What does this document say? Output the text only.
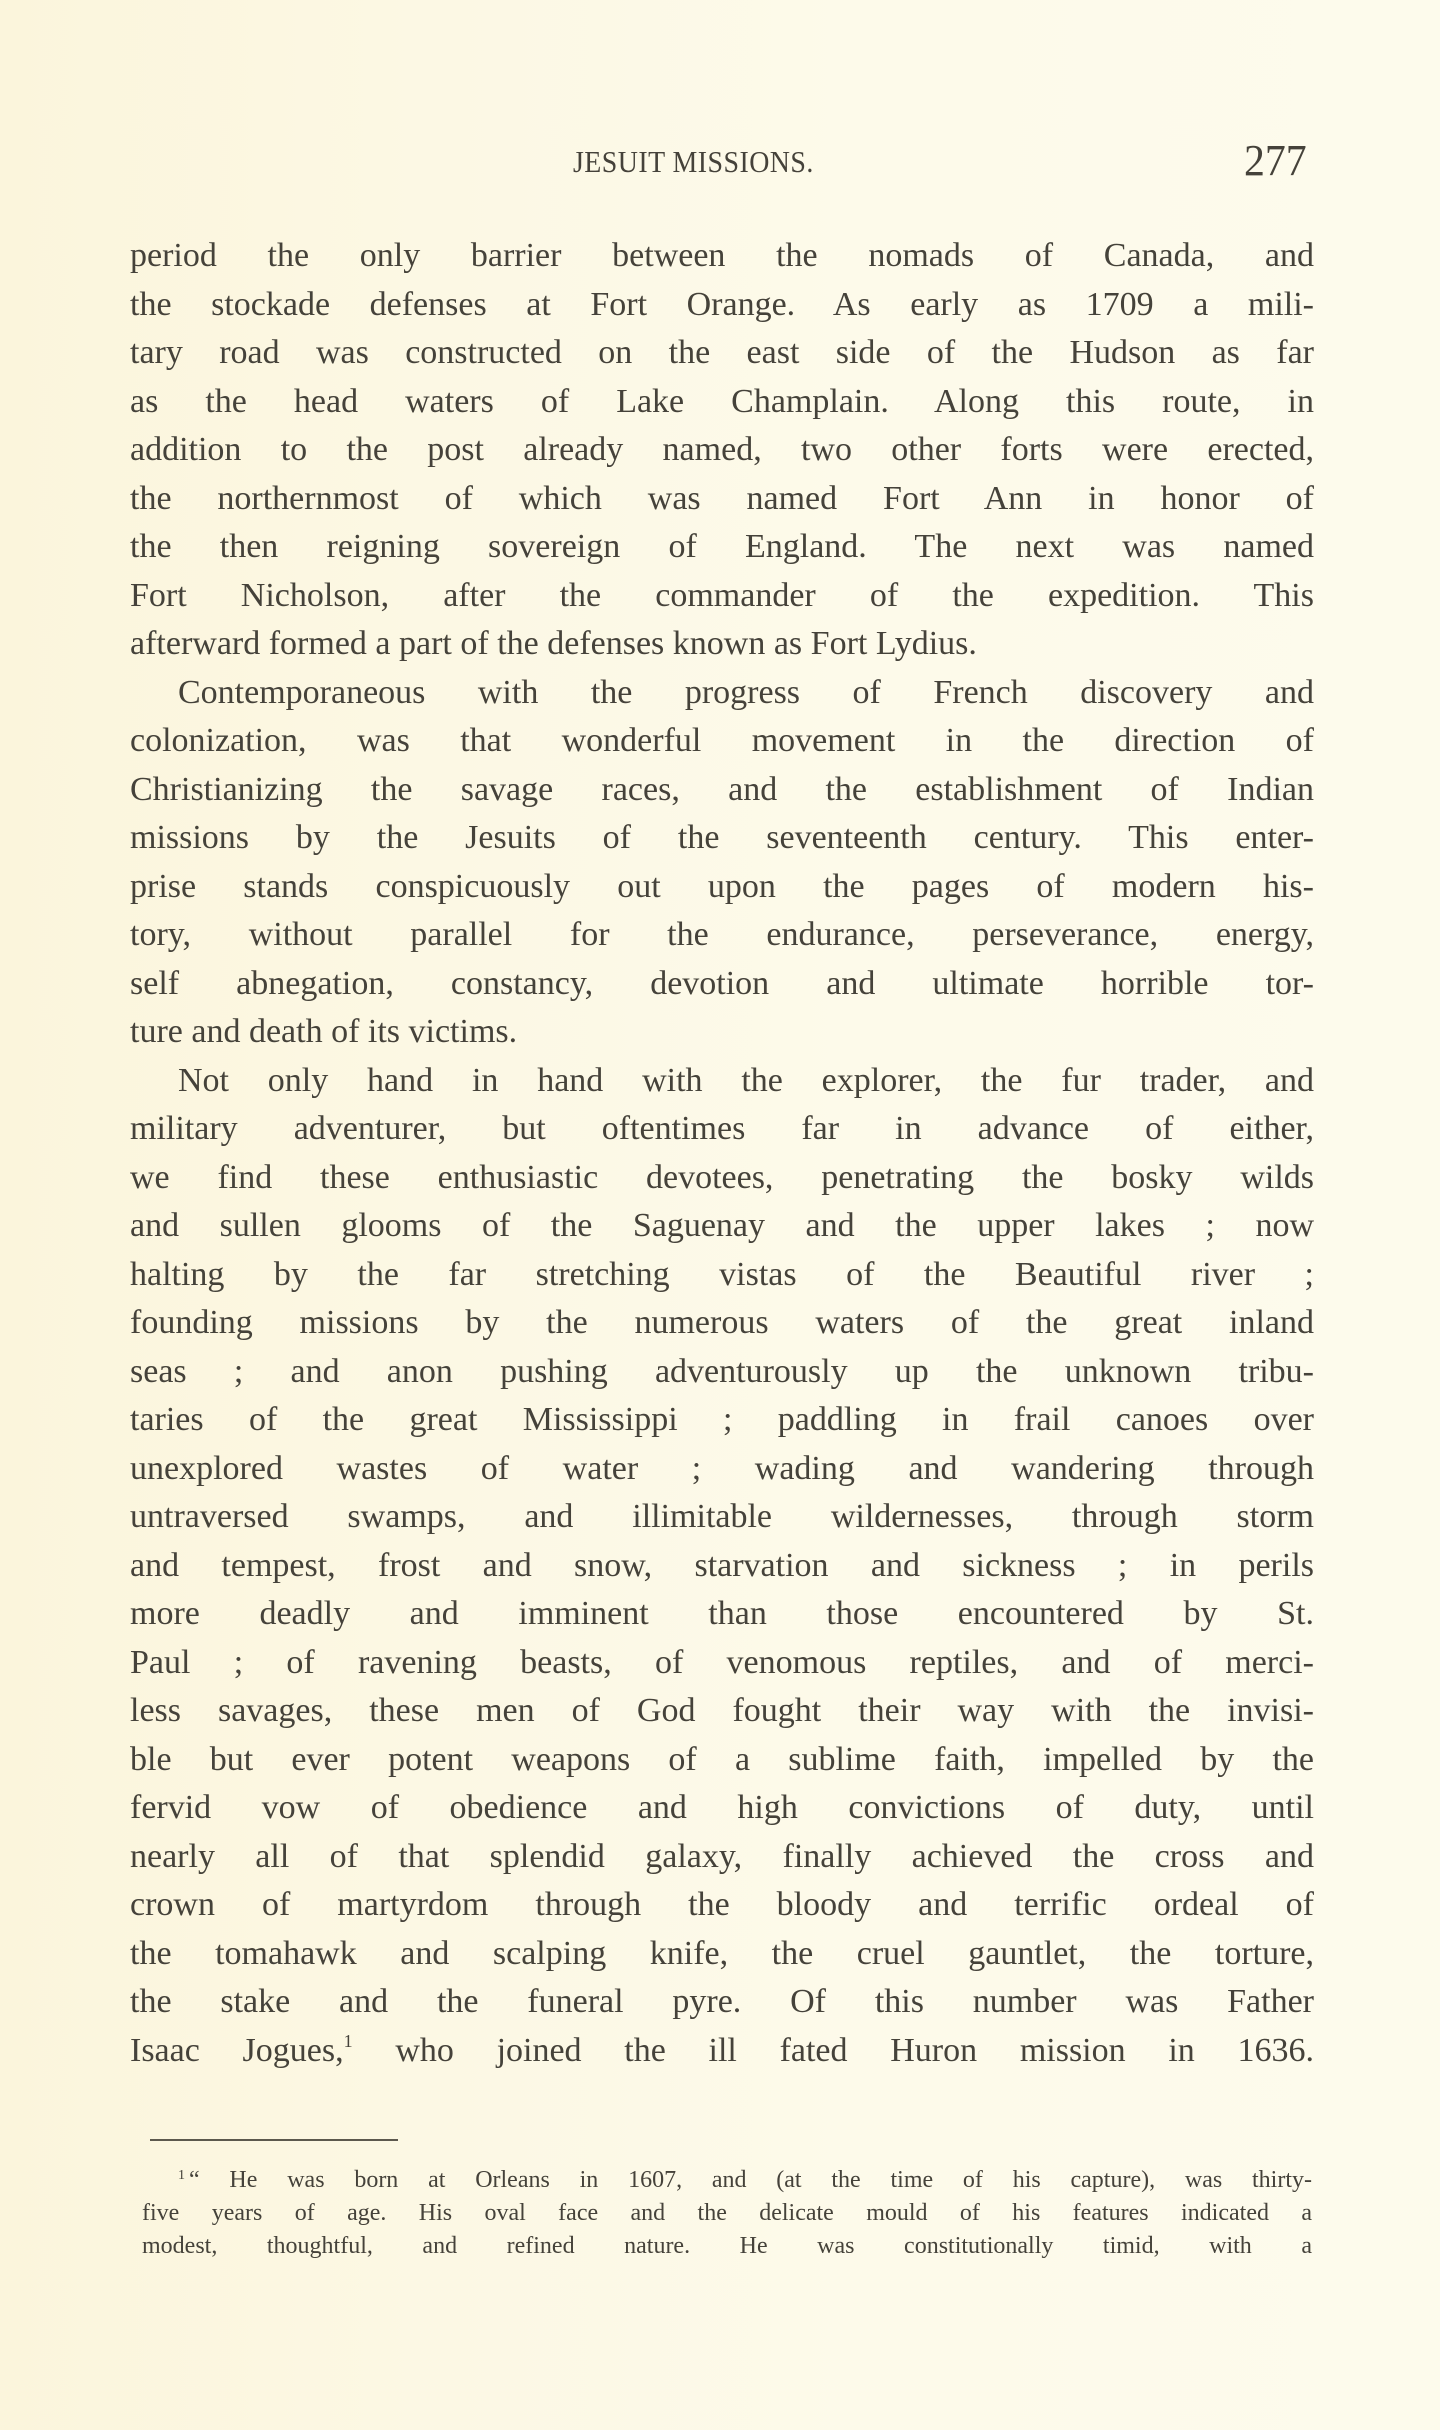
JESUIT MISSIONS.	277
period the only barrier between the nomads of Canada, and
the stockade defenses at Fort Orange. As early as 1709 a mili-
tary road was constructed on the east side of the Hudson as far
as the head waters of Lake Champlain. Along this route, in
addition to the post already named, two other forts were erected,
the northernmost of which was named Fort Ann in honor of
the then reigning sovereign of England. The next was named
Fort Nicholson, after the commander of the expedition. This
afterward formed a part of the defenses known as Fort Lydius.
Contemporaneous with the progress of French discovery and
colonization, was that wonderful movement in the direction of
Christianizing the savage races, and the establishment of Indian
missions by the Jesuits of the seventeenth century. This enter-
prise stands conspicuously out upon the pages of modern his-
tory, without parallel for the endurance, perseverance, energy,
self abnegation, constancy, devotion and ultimate horrible tor-
ture and death of its victims.
Not only hand in hand with the explorer, the fur trader, and
military adventurer, but oftentimes far in advance of either,
we find these enthusiastic devotees, penetrating the bosky wilds
and sullen glooms of the Saguenay and the upper lakes ; now
halting by the far stretching vistas of the Beautiful river ;
founding missions by the numerous waters of the great inland
seas ; and anon pushing adventurously up the unknown tribu-
taries of the great Mississippi ; paddling in frail canoes over
unexplored wastes of water ; wading and wandering through
untraversed swamps, and illimitable wildernesses, through storm
and tempest, frost and snow, starvation and sickness ; in perils
more deadly and imminent than those encountered by St.
Paul ; of ravening beasts, of venomous reptiles, and of merci-
less savages, these men of God fought their way with the invisi-
ble but ever potent weapons of a sublime faith, impelled by the
fervid vow of obedience and high convictions of duty, until
nearly all of that splendid galaxy, finally achieved the cross and
crown of martyrdom through the bloody and terrific ordeal of
the tomahawk and scalping knife, the cruel gauntlet, the torture,
the stake and the funeral pyre. Of this number was Father
Isaac Jogues,$^1$ who joined the ill fated Huron mission in 1636.
$^1$ “ He was born at Orleans in 1607, and (at the time of his capture), was thirty-
five years of age. His oval face and the delicate mould of his features indicated a
modest, thoughtful, and refined nature. He was constitutionally timid, with a
